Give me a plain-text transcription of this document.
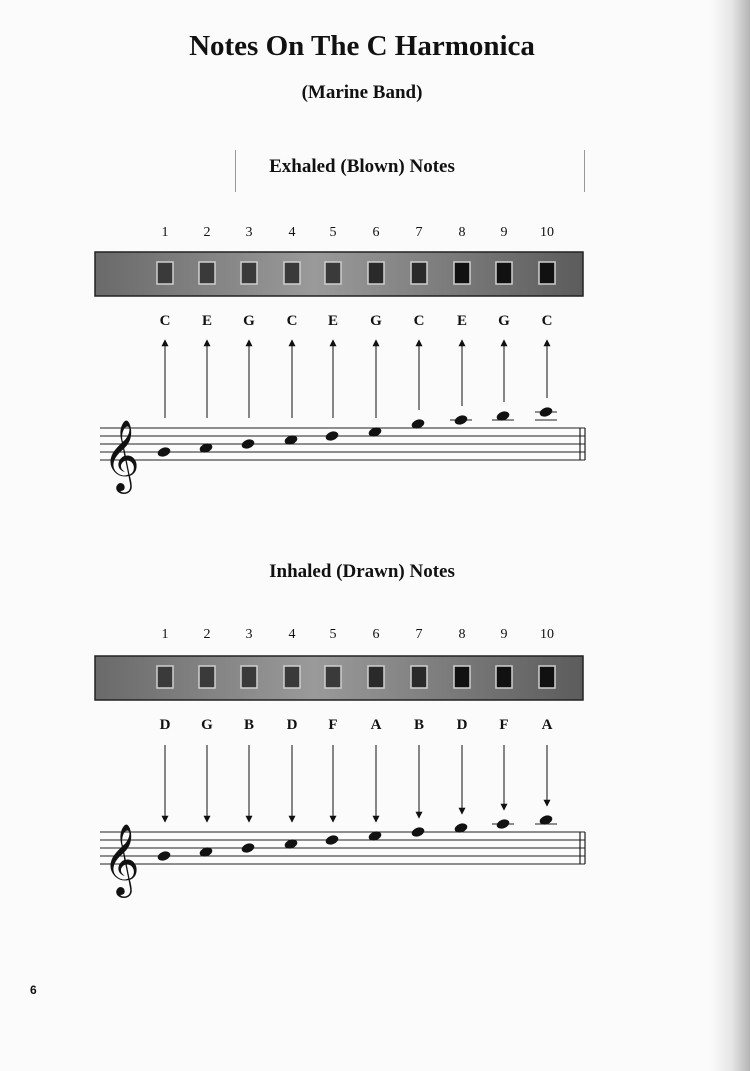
Notes On The C Harmonica
(Marine Band)
Exhaled (Blown) Notes
Inhaled (Drawn) Notes
1	2	3	4 5	6	7	8	9 10
C E G C E G C E G C
𝄞
1	2	3	4 5	6	7	8	9 10
D G B D F A B D F A
𝄞
6
